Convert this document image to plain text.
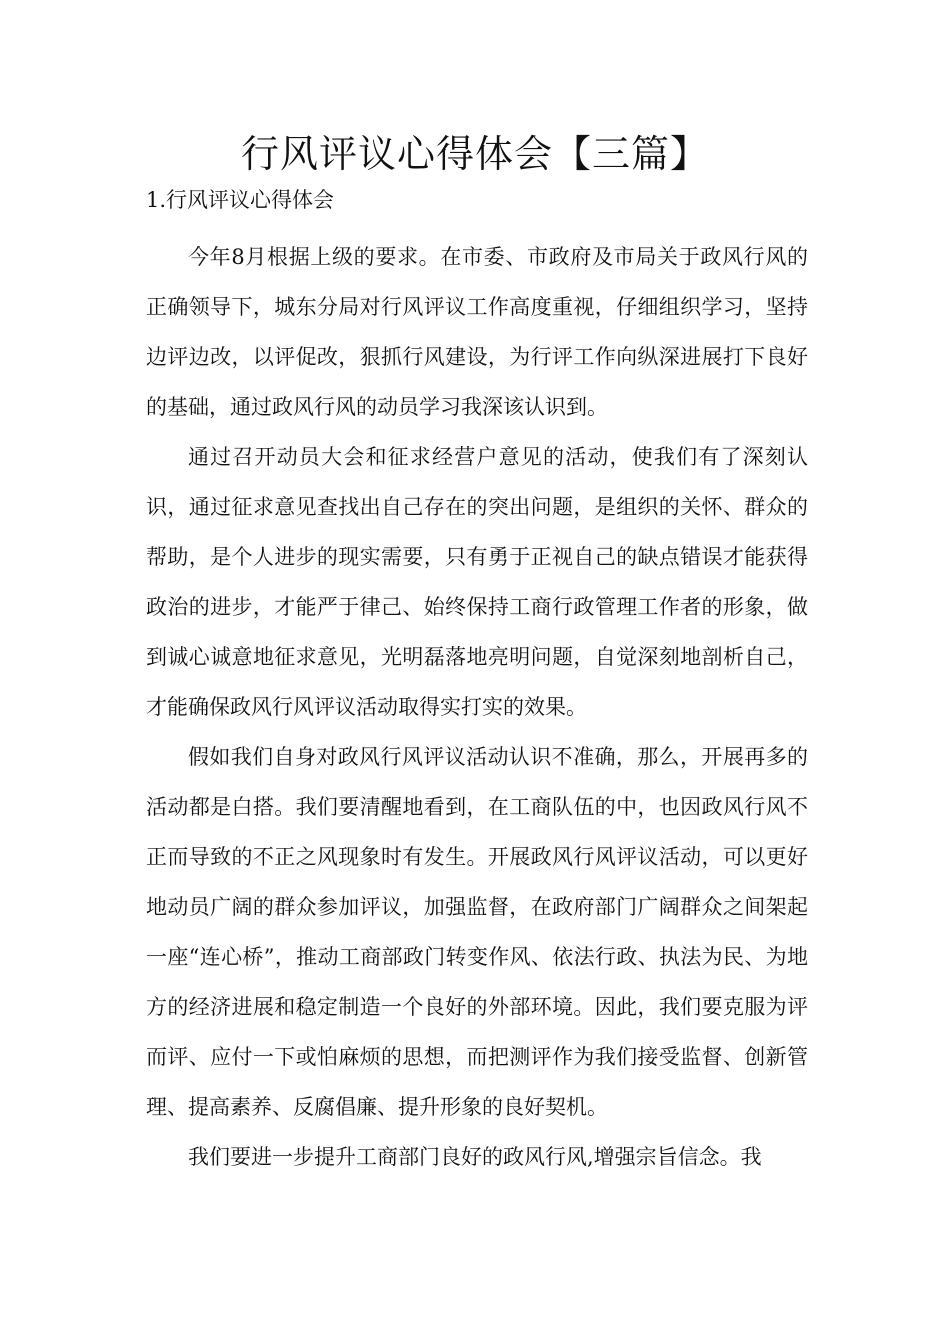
行风评议心得体会【三篇】
1.行风评议心得体会

今年8月根据上级的要求。在市委、市政府及市局关于政风行风的正确领导下，城东分局对行风评议工作高度重视，仔细组织学习，坚持边评边改，以评促改，狠抓行风建设，为行评工作向纵深进展打下良好的基础，通过政风行风的动员学习我深该认识到。

通过召开动员大会和征求经营户意见的活动，使我们有了深刻认识，通过征求意见查找出自己存在的突出问题，是组织的关怀、群众的帮助，是个人进步的现实需要，只有勇于正视自己的缺点错误才能获得政治的进步，才能严于律己、始终保持工商行政管理工作者的形象，做到诚心诚意地征求意见，光明磊落地亮明问题，自觉深刻地剖析自己，才能确保政风行风评议活动取得实打实的效果。

假如我们自身对政风行风评议活动认识不准确，那么，开展再多的活动都是白搭。我们要清醒地看到，在工商队伍的中，也因政风行风不正而导致的不正之风现象时有发生。开展政风行风评议活动，可以更好地动员广阔的群众参加评议，加强监督，在政府部门广阔群众之间架起一座“连心桥”，推动工商部政门转变作风、依法行政、执法为民、为地方的经济进展和稳定制造一个良好的外部环境。因此，我们要克服为评而评、应付一下或怕麻烦的思想，而把测评作为我们接受监督、创新管理、提高素养、反腐倡廉、提升形象的良好契机。

我们要进一步提升工商部门良好的政风行风,增强宗旨信念。我
